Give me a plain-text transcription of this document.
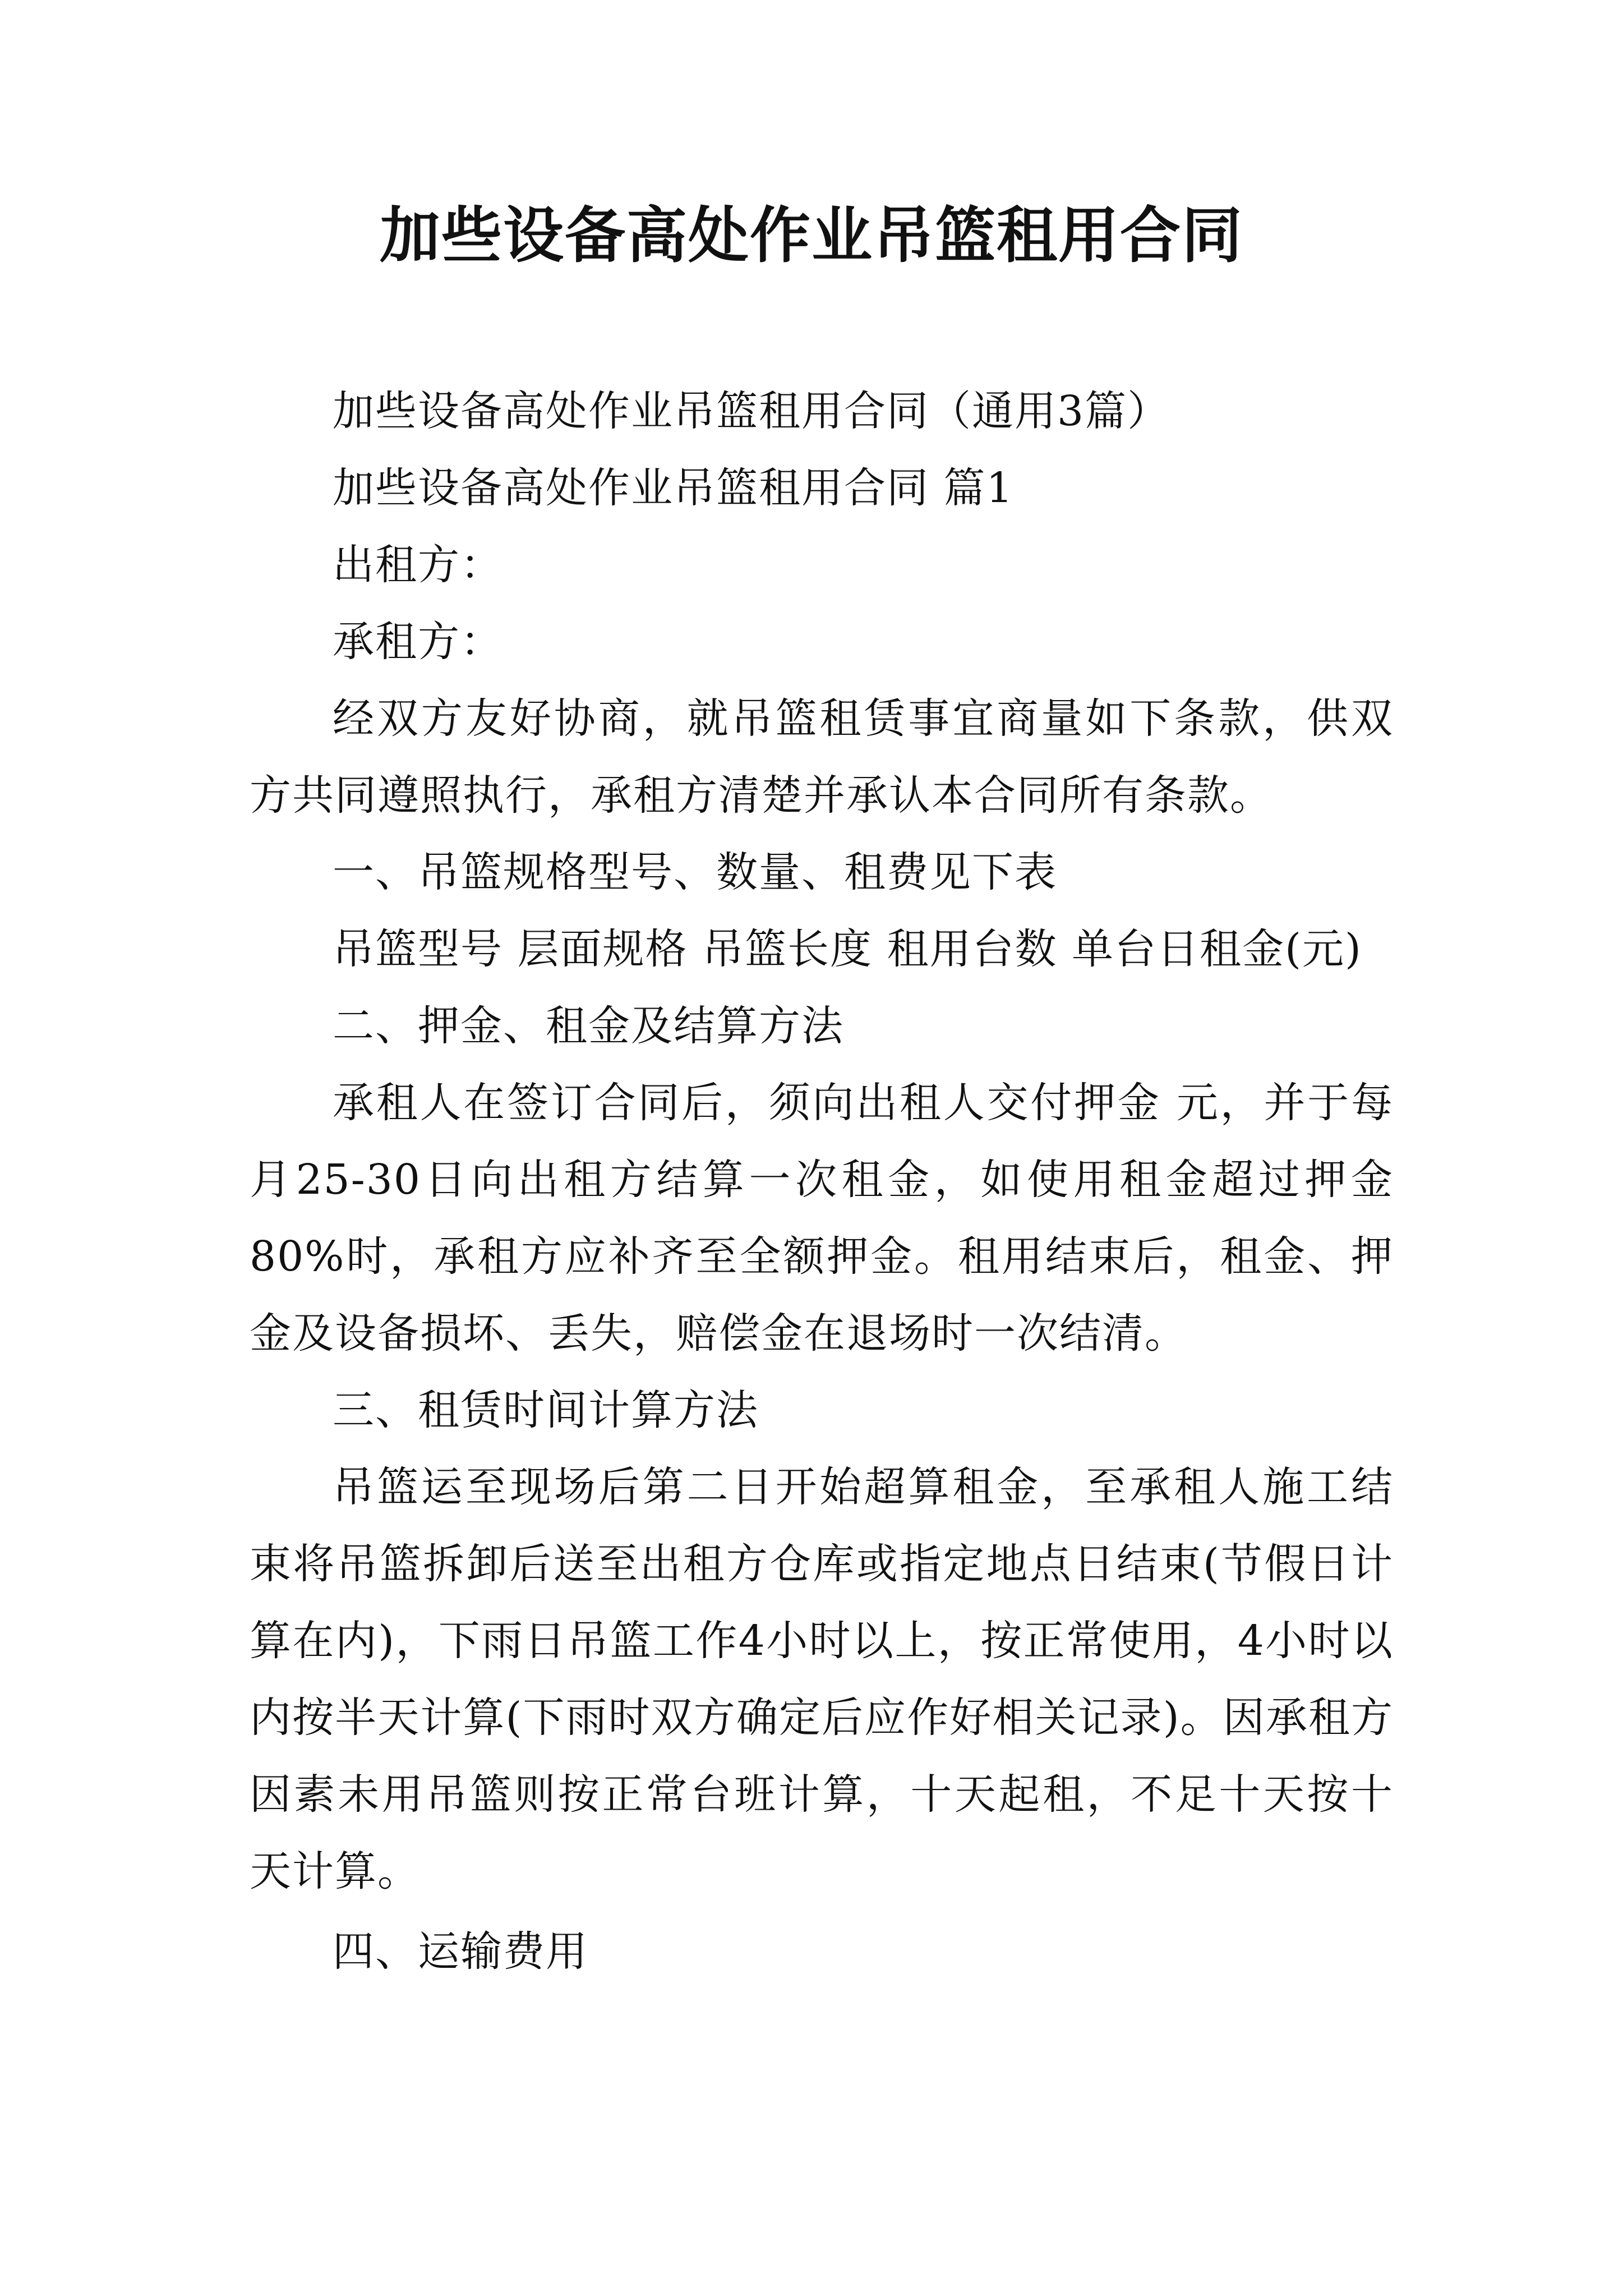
加些设备高处作业吊篮租用合同

加些设备高处作业吊篮租用合同（通用3篇）

加些设备高处作业吊篮租用合同 篇1

出租方：

承租方：

经双方友好协商，就吊篮租赁事宜商量如下条款，供双方共同遵照执行，承租方清楚并承认本合同所有条款。

一、吊篮规格型号、数量、租费见下表

吊篮型号 层面规格 吊篮长度 租用台数 单台日租金(元)

二、押金、租金及结算方法

承租人在签订合同后，须向出租人交付押金 元，并于每月25-30日向出租方结算一次租金，如使用租金超过押金80%时，承租方应补齐至全额押金。租用结束后，租金、押金及设备损坏、丢失，赔偿金在退场时一次结清。

三、租赁时间计算方法

吊篮运至现场后第二日开始超算租金，至承租人施工结束将吊篮拆卸后送至出租方仓库或指定地点日结束(节假日计算在内)，下雨日吊篮工作4小时以上，按正常使用，4小时以内按半天计算(下雨时双方确定后应作好相关记录)。因承租方因素未用吊篮则按正常台班计算，十天起租，不足十天按十天计算。

四、运输费用
